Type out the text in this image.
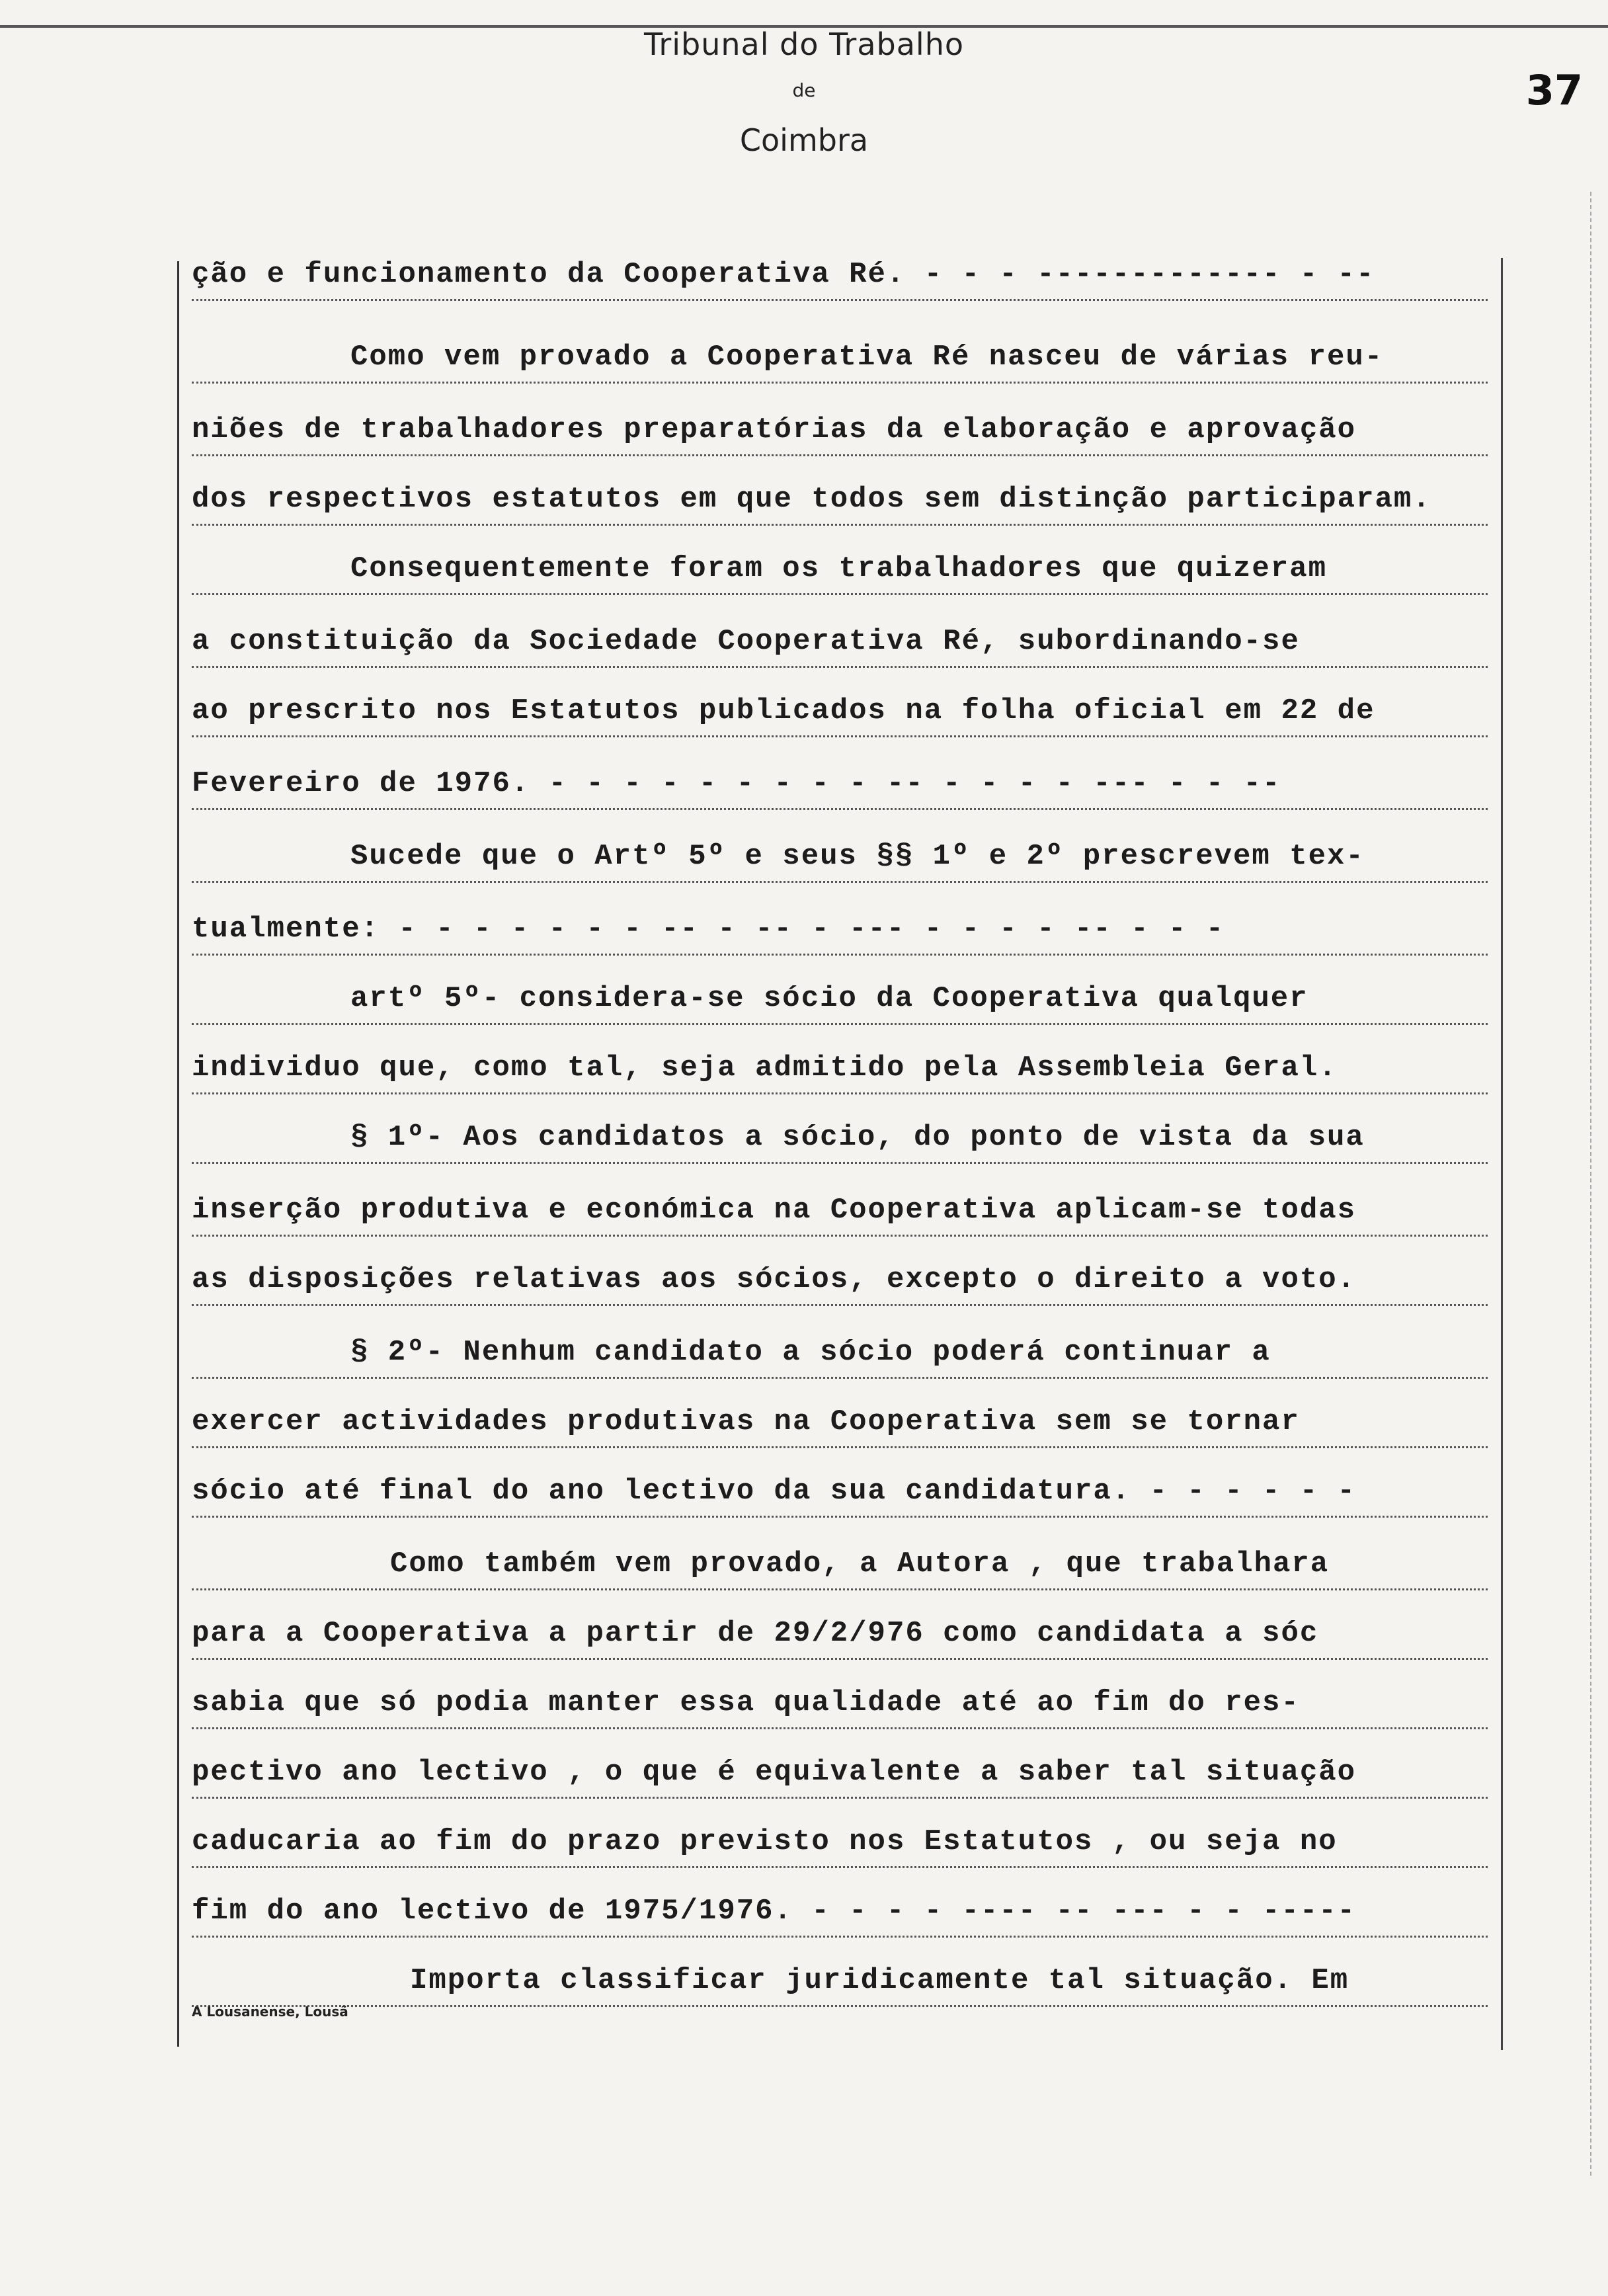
Tribunal do Trabalho
de
Coimbra
37
ção e funcionamento da Cooperativa Ré. - - - ------------- - --
Como vem provado a Cooperativa Ré nasceu de várias reu-
niões de trabalhadores preparatórias da elaboração e aprovação
dos respectivos estatutos em que todos sem distinção participaram.
Consequentemente foram os trabalhadores que quizeram
a constituição da Sociedade Cooperativa Ré, subordinando-se
ao prescrito nos Estatutos publicados na folha oficial em 22 de
Fevereiro de 1976. - - - - - - - - - -- - - - - --- - - --
Sucede que o Artº 5º e seus §§ 1º e 2º prescrevem tex-
tualmente: - - - - - - - -- - -- - --- - - - - -- - - -
artº 5º- considera-se sócio da Cooperativa qualquer
individuo que, como tal, seja admitido pela Assembleia Geral.
§ 1º- Aos candidatos a sócio, do ponto de vista da sua
inserção produtiva e económica na Cooperativa aplicam-se todas
as disposições relativas aos sócios, excepto o direito a voto.
§ 2º- Nenhum candidato a sócio poderá continuar a
exercer actividades produtivas na Cooperativa sem se tornar
sócio até final do ano lectivo da sua candidatura. - - - - - -
Como também vem provado, a Autora , que trabalhara
para a Cooperativa a partir de 29/2/976 como candidata a sóc
sabia que só podia manter essa qualidade até ao fim do res-
pectivo ano lectivo , o que é equivalente a saber tal situação
caducaria ao fim do prazo previsto nos Estatutos , ou seja no
fim do ano lectivo de 1975/1976. - - - - ---- -- --- - - -----
Importa classificar juridicamente tal situação. Em
A Lousanense, Lousã
